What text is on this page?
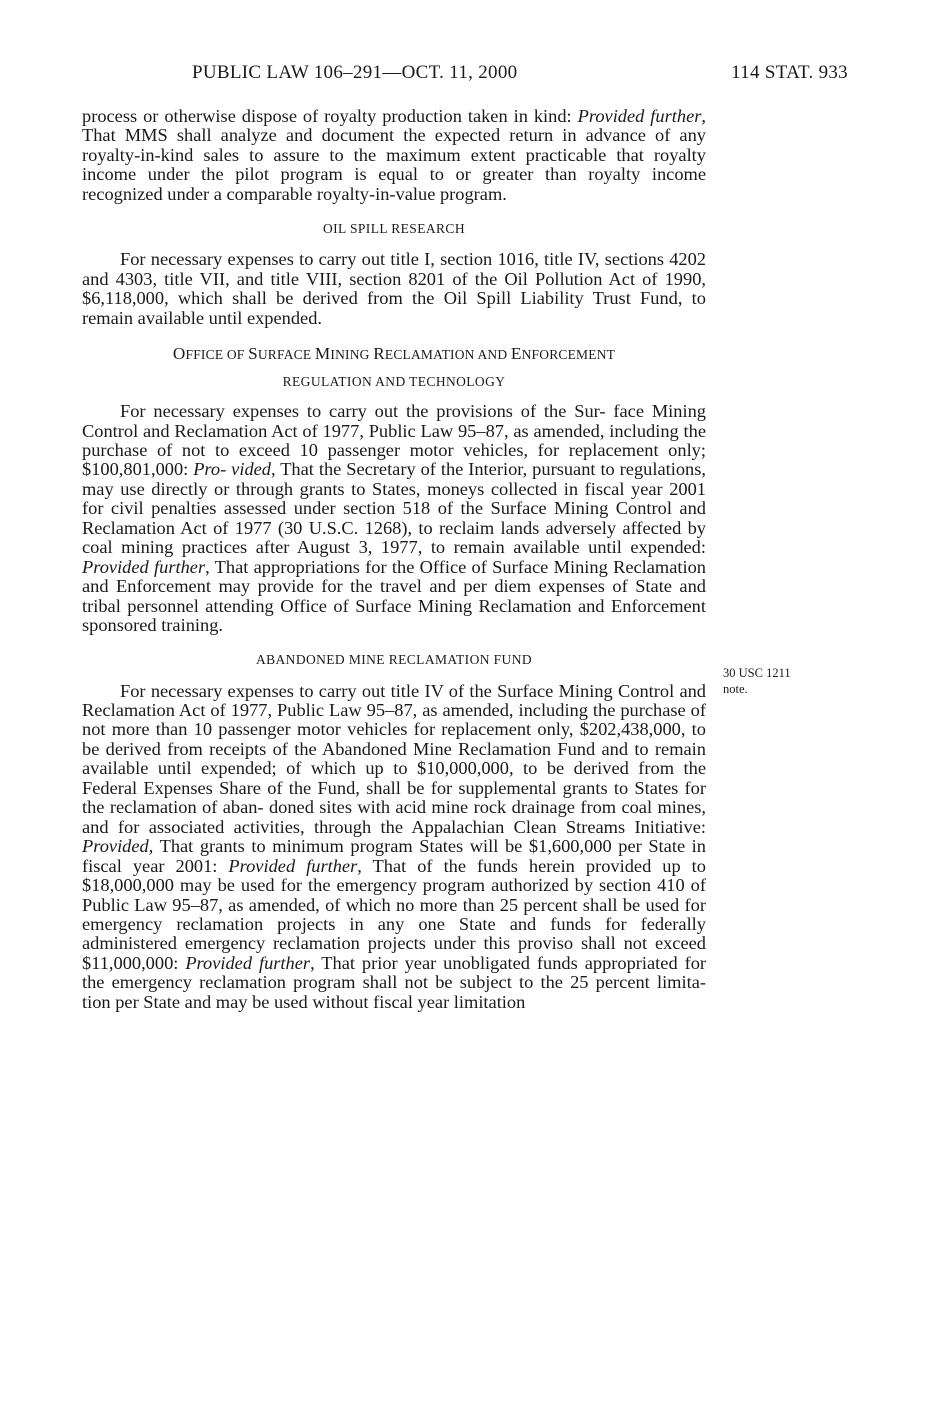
PUBLIC LAW 106–291—OCT. 11, 2000	114 STAT. 933

process or otherwise dispose of royalty production taken in kind: Provided further, That MMS shall analyze and document the expected return in advance of any royalty-in-kind sales to assure to the maximum extent practicable that royalty income under the pilot program is equal to or greater than royalty income recognized under a comparable royalty-in-value program.

OIL SPILL RESEARCH

For necessary expenses to carry out title I, section 1016, title IV, sections 4202 and 4303, title VII, and title VIII, section 8201 of the Oil Pollution Act of 1990, $6,118,000, which shall be derived from the Oil Spill Liability Trust Fund, to remain available until expended.

OFFICE OF SURFACE MINING RECLAMATION AND ENFORCEMENT

REGULATION AND TECHNOLOGY

For necessary expenses to carry out the provisions of the Sur- face Mining Control and Reclamation Act of 1977, Public Law 95–87, as amended, including the purchase of not to exceed 10 passenger motor vehicles, for replacement only; $100,801,000: Pro- vided, That the Secretary of the Interior, pursuant to regulations, may use directly or through grants to States, moneys collected in fiscal year 2001 for civil penalties assessed under section 518 of the Surface Mining Control and Reclamation Act of 1977 (30 U.S.C. 1268), to reclaim lands adversely affected by coal mining practices after August 3, 1977, to remain available until expended: Provided further, That appropriations for the Office of Surface Mining Reclamation and Enforcement may provide for the travel and per diem expenses of State and tribal personnel attending Office of Surface Mining Reclamation and Enforcement sponsored training.

ABANDONED MINE RECLAMATION FUND

For necessary expenses to carry out title IV of the Surface Mining Control and Reclamation Act of 1977, Public Law 95–87, as amended, including the purchase of not more than 10 passenger motor vehicles for replacement only, $202,438,000, to be derived from receipts of the Abandoned Mine Reclamation Fund and to remain available until expended; of which up to $10,000,000, to be derived from the Federal Expenses Share of the Fund, shall be for supplemental grants to States for the reclamation of aban- doned sites with acid mine rock drainage from coal mines, and for associated activities, through the Appalachian Clean Streams Initiative: Provided, That grants to minimum program States will be $1,600,000 per State in fiscal year 2001: Provided further, That of the funds herein provided up to $18,000,000 may be used for the emergency program authorized by section 410 of Public Law 95–87, as amended, of which no more than 25 percent shall be used for emergency reclamation projects in any one State and funds for federally administered emergency reclamation projects under this proviso shall not exceed $11,000,000: Provided further, That prior year unobligated funds appropriated for the emergency reclamation program shall not be subject to the 25 percent limita- tion per State and may be used without fiscal year limitation

30 USC 1211
note.
